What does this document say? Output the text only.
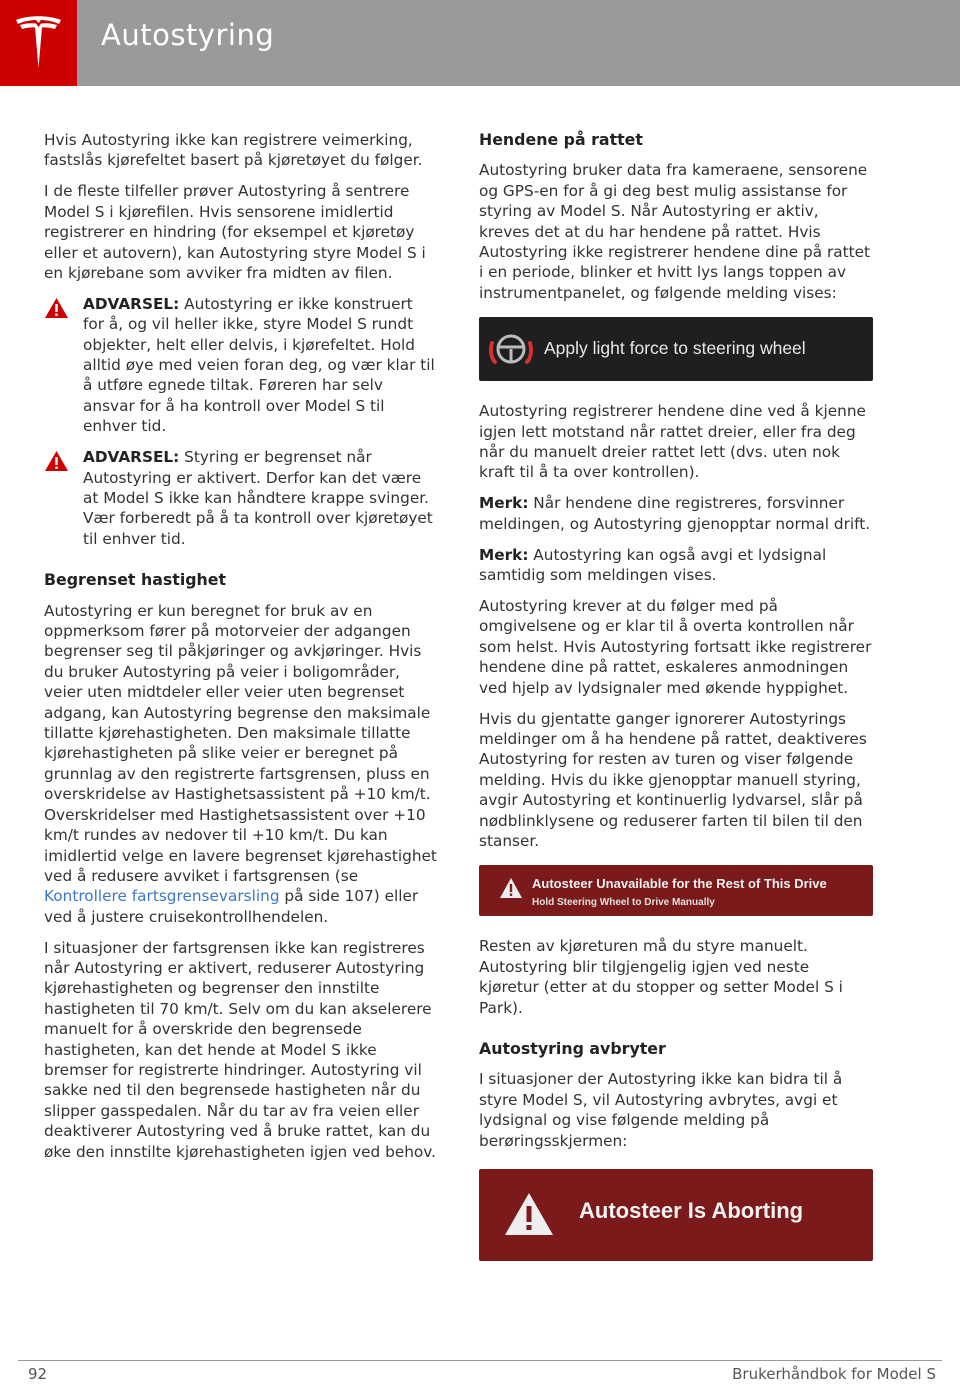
Autostyring

Hvis Autostyring ikke kan registrere veimerking, fastslås kjørefeltet basert på kjøretøyet du følger.

I de fleste tilfeller prøver Autostyring å sentrere Model S i kjørefilen. Hvis sensorene imidlertid registrerer en hindring (for eksempel et kjøretøy eller et autovern), kan Autostyring styre Model S i en kjørebane som avviker fra midten av filen.

ADVARSEL: Autostyring er ikke konstruert for å, og vil heller ikke, styre Model S rundt objekter, helt eller delvis, i kjørefeltet. Hold alltid øye med veien foran deg, og vær klar til å utføre egnede tiltak. Føreren har selv ansvar for å ha kontroll over Model S til enhver tid.
ADVARSEL: Styring er begrenset når Autostyring er aktivert. Derfor kan det være at Model S ikke kan håndtere krappe svinger. Vær forberedt på å ta kontroll over kjøretøyet til enhver tid.
Begrenset hastighet

Autostyring er kun beregnet for bruk av en oppmerksom fører på motorveier der adgangen begrenser seg til påkjøringer og avkjøringer. Hvis du bruker Autostyring på veier i boligområder, veier uten midtdeler eller veier uten begrenset adgang, kan Autostyring begrense den maksimale tillatte kjørehastigheten. Den maksimale tillatte kjørehastigheten på slike veier er beregnet på grunnlag av den registrerte fartsgrensen, pluss en overskridelse av Hastighetsassistent på +10 km/t. Overskridelser med Hastighetsassistent over +10 km/t rundes av nedover til +10 km/t. Du kan imidlertid velge en lavere begrenset kjørehastighet ved å redusere avviket i fartsgrensen (se Kontrollere fartsgrensevarsling på side 107) eller ved å justere cruisekontrollhendelen.

I situasjoner der fartsgrensen ikke kan registreres når Autostyring er aktivert, reduserer Autostyring kjørehastigheten og begrenser den innstilte hastigheten til 70 km/t. Selv om du kan akselerere manuelt for å overskride den begrensede hastigheten, kan det hende at Model S ikke bremser for registrerte hindringer. Autostyring vil sakke ned til den begrensede hastigheten når du slipper gasspedalen. Når du tar av fra veien eller deaktiverer Autostyring ved å bruke rattet, kan du øke den innstilte kjørehastigheten igjen ved behov.

Hendene på rattet

Autostyring bruker data fra kameraene, sensorene og GPS-en for å gi deg best mulig assistanse for styring av Model S. Når Autostyring er aktiv, kreves det at du har hendene på rattet. Hvis Autostyring ikke registrerer hendene dine på rattet i en periode, blinker et hvitt lys langs toppen av instrumentpanelet, og følgende melding vises:

Apply light force to steering wheel

Autostyring registrerer hendene dine ved å kjenne igjen lett motstand når rattet dreier, eller fra deg når du manuelt dreier rattet lett (dvs. uten nok kraft til å ta over kontrollen).

Merk: Når hendene dine registreres, forsvinner meldingen, og Autostyring gjenopptar normal drift.

Merk: Autostyring kan også avgi et lydsignal samtidig som meldingen vises.

Autostyring krever at du følger med på omgivelsene og er klar til å overta kontrollen når som helst. Hvis Autostyring fortsatt ikke registrerer hendene dine på rattet, eskaleres anmodningen ved hjelp av lydsignaler med økende hyppighet.

Hvis du gjentatte ganger ignorerer Autostyrings meldinger om å ha hendene på rattet, deaktiveres Autostyring for resten av turen og viser følgende melding. Hvis du ikke gjenopptar manuell styring, avgir Autostyring et kontinuerlig lydvarsel, slår på nødblinklysene og reduserer farten til bilen til den stanser.

Autosteer Unavailable for the Rest of This Drive
Hold Steering Wheel to Drive Manually

Resten av kjøreturen må du styre manuelt. Autostyring blir tilgjengelig igjen ved neste kjøretur (etter at du stopper og setter Model S i Park).

Autostyring avbryter

I situasjoner der Autostyring ikke kan bidra til å styre Model S, vil Autostyring avbrytes, avgi et lydsignal og vise følgende melding på berøringsskjermen:

Autosteer Is Aborting
92	Brukerhåndbok for Model S
